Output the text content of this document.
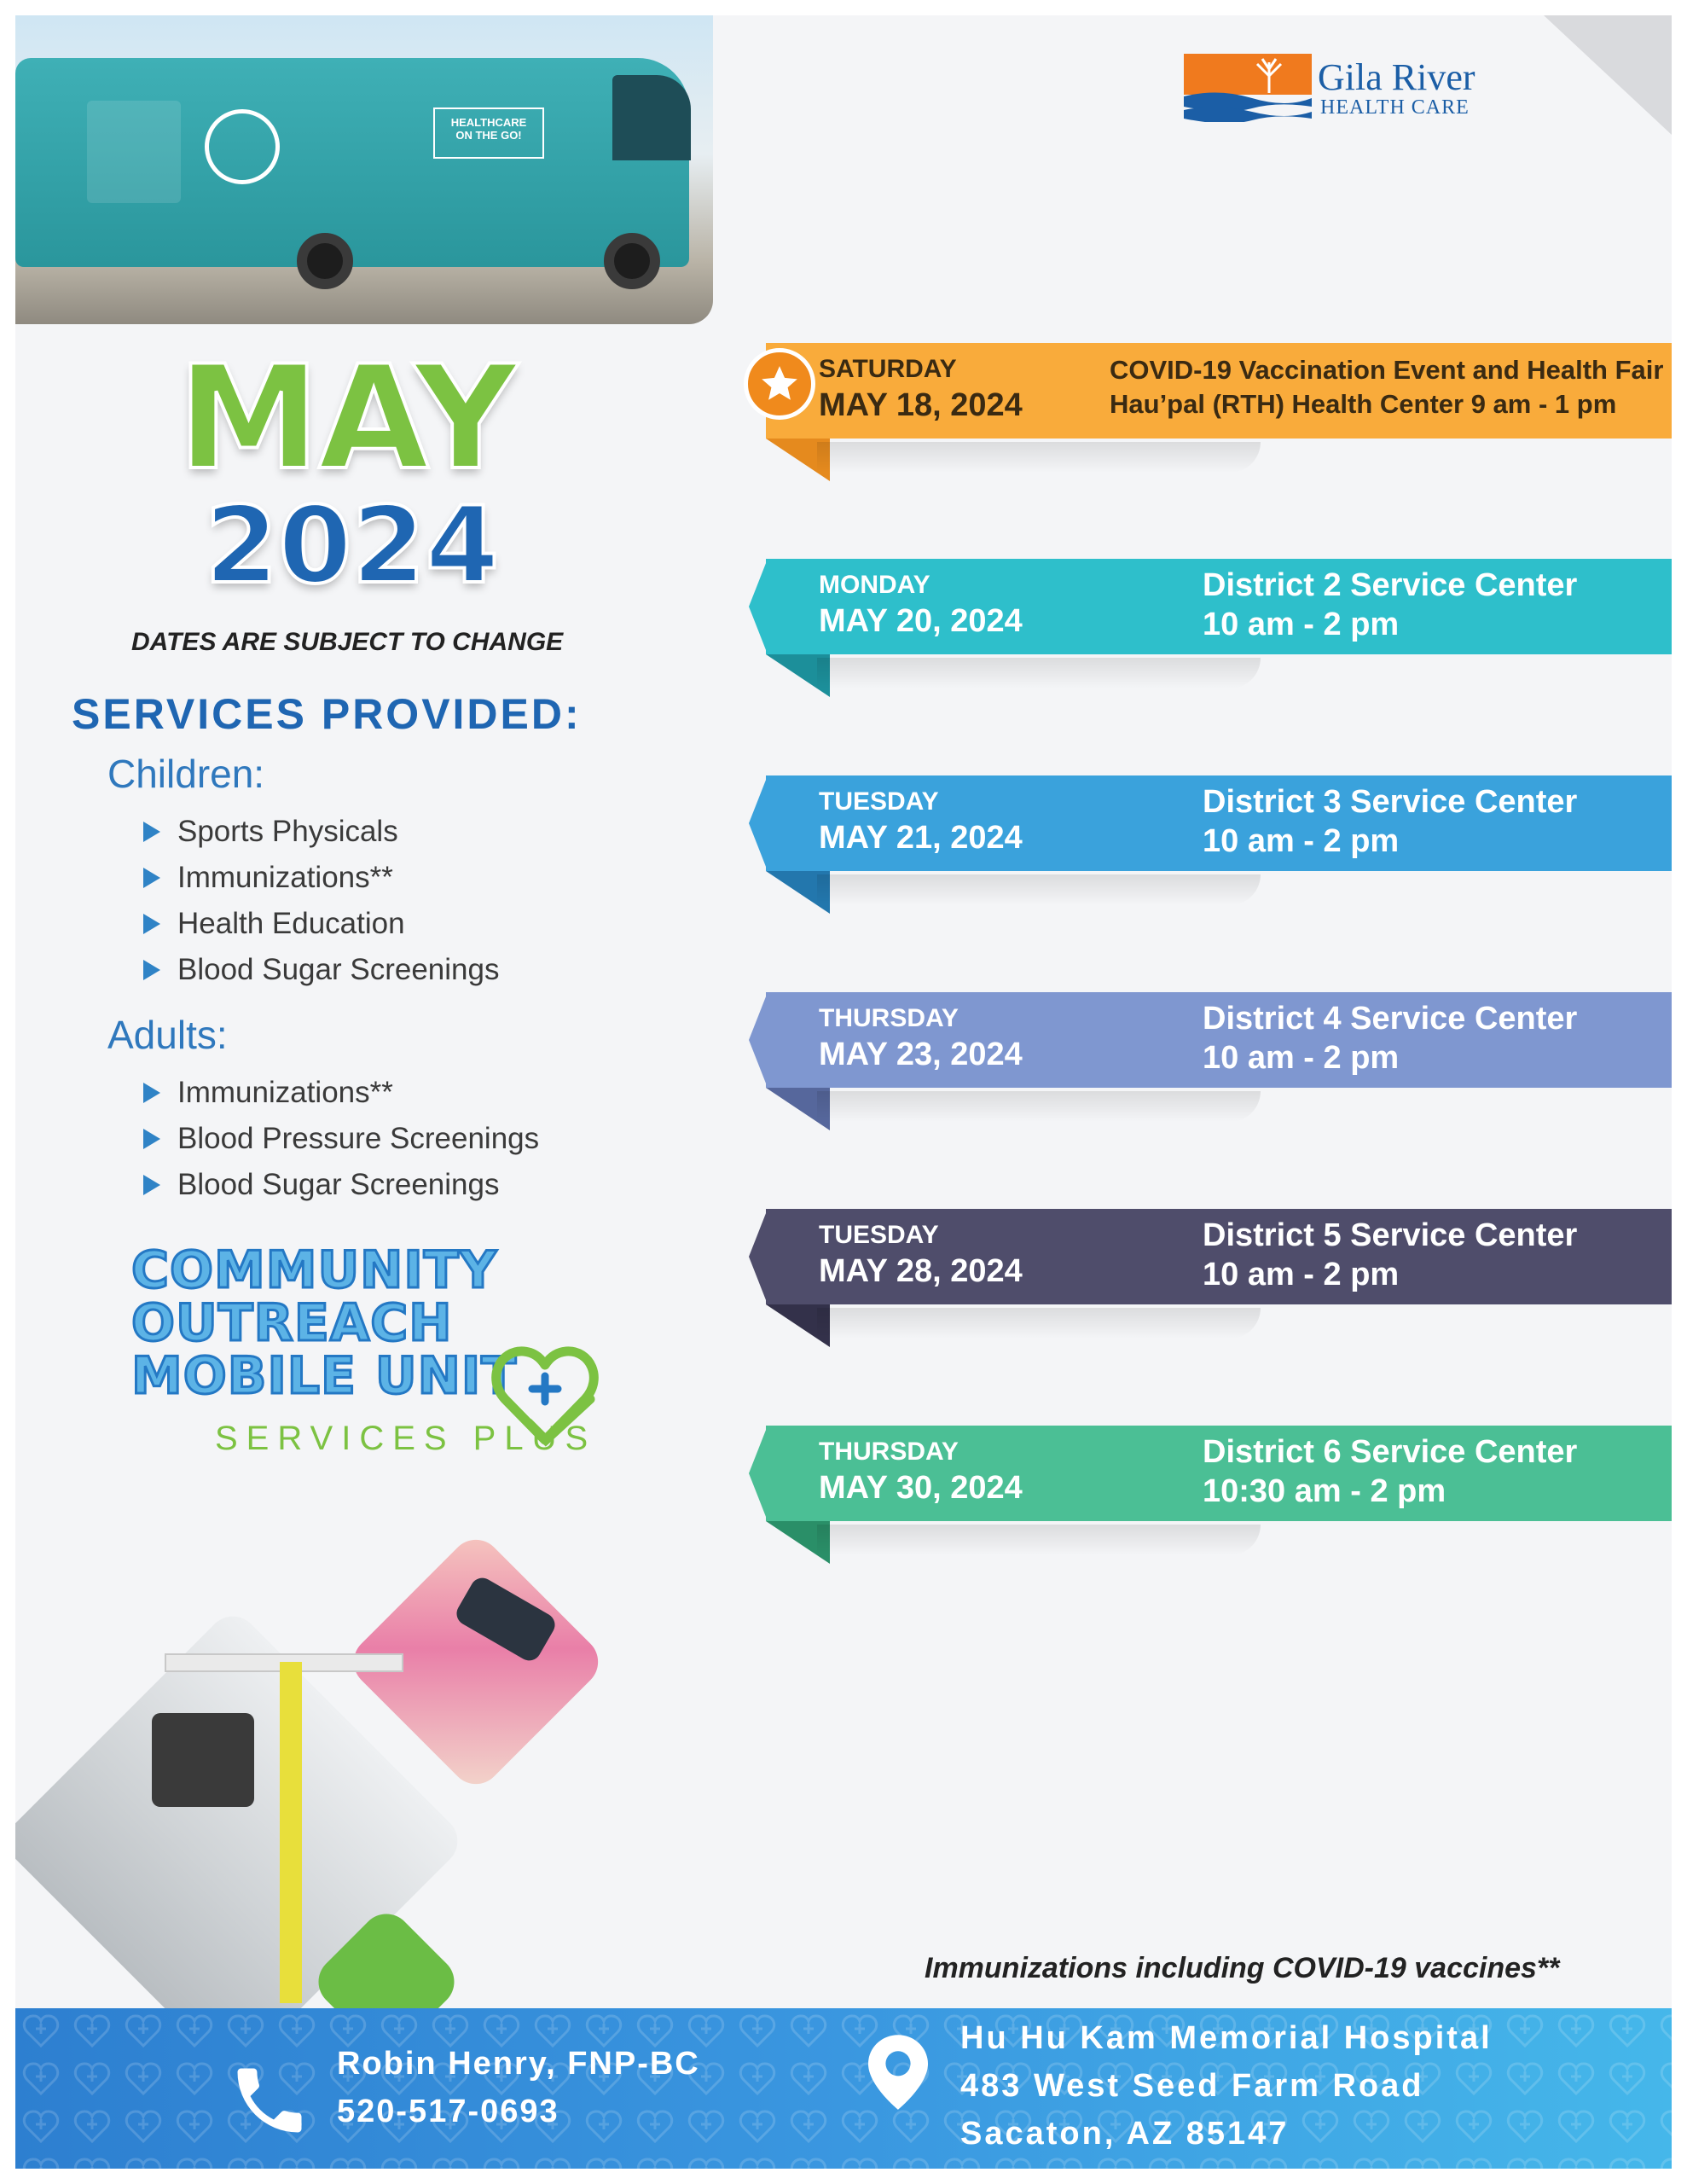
HEALTHCARE ON THE GO!
Gila River
HEALTH CARE
MAY
2024
DATES ARE SUBJECT TO CHANGE
SERVICES PROVIDED:
Children:
Sports Physicals
Immunizations**
Health Education
Blood Sugar Screenings
Adults:
Immunizations**
Blood Pressure Screenings
Blood Sugar Screenings
COMMUNITY
OUTREACH
MOBILE UNIT
SERVICES PLUS
SATURDAY
MAY 18, 2024
COVID-19 Vaccination Event and Health Fair
Hau’pal (RTH) Health Center 9 am - 1 pm
MONDAY
MAY 20, 2024
District 2 Service Center
10 am - 2 pm
TUESDAY
MAY 21, 2024
District 3 Service Center
10 am - 2 pm
THURSDAY
MAY 23, 2024
District 4 Service Center
10 am - 2 pm
TUESDAY
MAY 28, 2024
District 5 Service Center
10 am - 2 pm
THURSDAY
MAY 30, 2024
District 6 Service Center
10:30 am - 2 pm
Immunizations including COVID-19 vaccines**
Robin Henry, FNP-BC
520-517-0693
Hu Hu Kam Memorial Hospital
483 West Seed Farm Road
Sacaton, AZ 85147
